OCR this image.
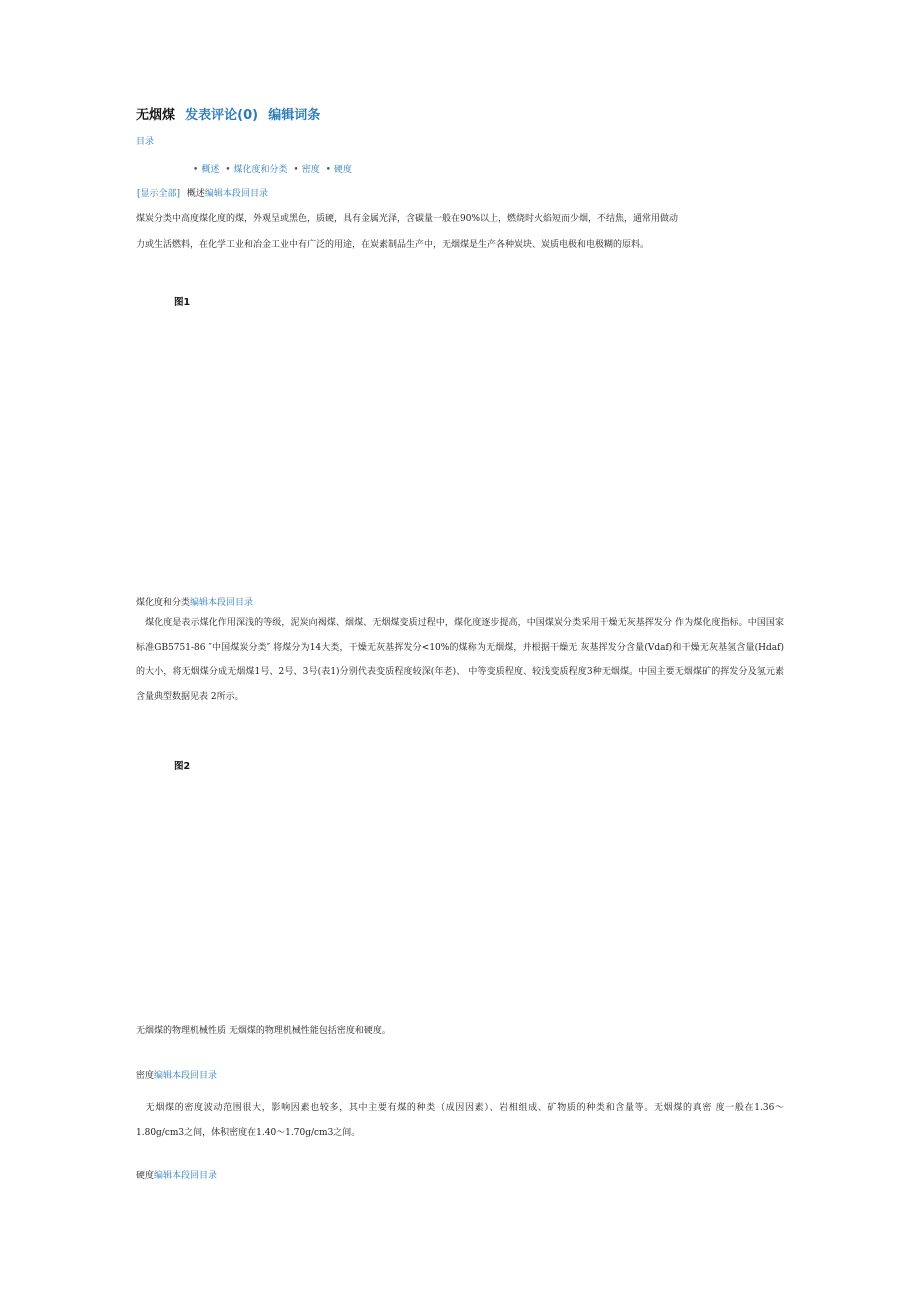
无烟煤 发表评论(0) 编辑词条
目录
• 概述 • 煤化度和分类 • 密度 • 硬度
[显示全部] 概述编辑本段回目录
煤炭分类中高度煤化度的煤，外观呈或黑色，质硬，具有金属光泽，含碳量一般在90%以上，燃烧时火焰短而少烟，不结焦，通常用做动
力或生活燃料，在化学工业和冶金工业中有广泛的用途，在炭素制品生产中，无烟煤是生产各种炭块、炭质电极和电极糊的原料。
图1
煤化度和分类编辑本段回目录
　煤化度是表示煤化作用深浅的等级，泥炭向褐煤、烟煤、无烟煤变质过程中，煤化度逐步提高，中国煤炭分类采用干燥无灰基挥发分 作为煤化度指标。中国国家标准GB5751-86 ″中国煤炭分类″ 将煤分为14大类，干燥无灰基挥发分<10%的煤称为无烟煤，并根据干燥无 灰基挥发分含量(Vdaf)和干燥无灰基氢含量(Hdaf)的大小，将无烟煤分成无烟煤1号、2号、3号(表1)分别代表变质程度较深(年老)、 中等变质程度、较浅变质程度3种无烟煤。中国主要无烟煤矿的挥发分及氢元素含量典型数据见表 2所示。
图2
无烟煤的物理机械性质 无烟煤的物理机械性能包括密度和硬度。
密度编辑本段回目录
　无烟煤的密度波动范围很大，影响因素也较多，其中主要有煤的种类（成因因素）、岩相组成、矿物质的种类和含量等。无烟煤的真密 度一般在1.36～1.80g/cm3之间，体积密度在1.40～1.70g/cm3之间。
硬度编辑本段回目录
